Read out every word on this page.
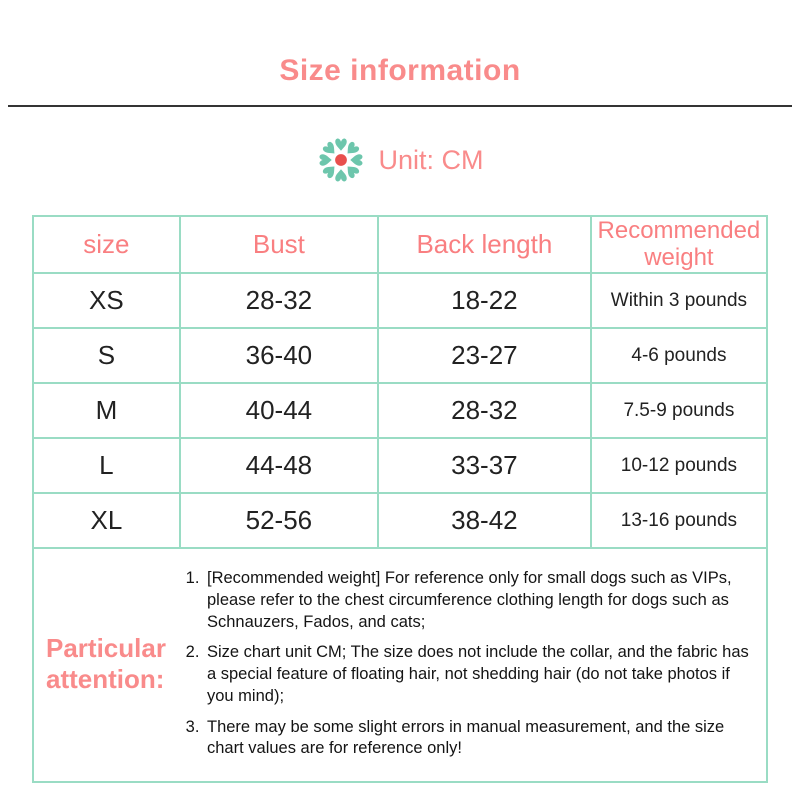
Size information
Unit: CM
size	Bust	Back length	Recommended weight
XS	28-32	18-22	Within 3 pounds
S	36-40	23-27	4-6 pounds
M	40-44	28-32	7.5-9 pounds
L	44-48	33-37	10-12 pounds
XL	52-56	38-42	13-16 pounds
Particular attention:
1. [Recommended weight] For reference only for small dogs such as VIPs, please refer to the chest circumference clothing length for dogs such as Schnauzers, Fados, and cats;
2. Size chart unit CM; The size does not include the collar, and the fabric has a special feature of floating hair, not shedding hair (do not take photos if you mind);
3. There may be some slight errors in manual measurement, and the size chart values are for reference only!
